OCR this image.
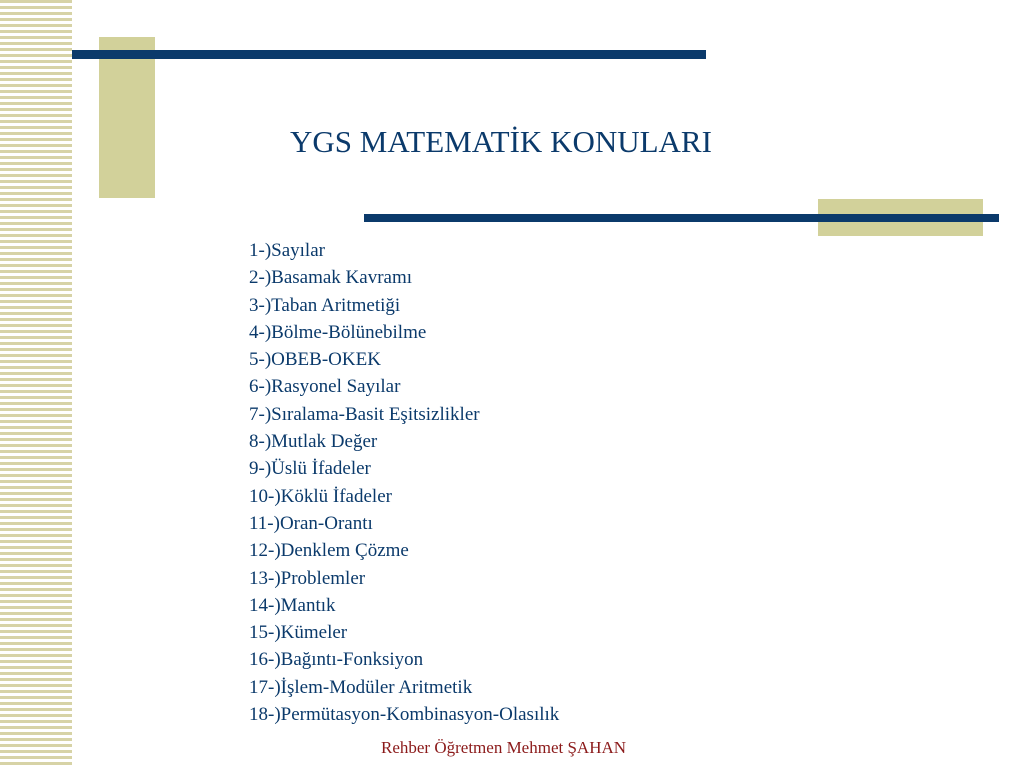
YGS MATEMATİK KONULARI
1-)Sayılar
2-)Basamak Kavramı
3-)Taban Aritmetiği
4-)Bölme-Bölünebilme
5-)OBEB-OKEK
6-)Rasyonel Sayılar
7-)Sıralama-Basit Eşitsizlikler
8-)Mutlak Değer
9-)Üslü İfadeler
10-)Köklü İfadeler
11-)Oran-Orantı
12-)Denklem Çözme
13-)Problemler
14-)Mantık
15-)Kümeler
16-)Bağıntı-Fonksiyon
17-)İşlem-Modüler Aritmetik
18-)Permütasyon-Kombinasyon-Olasılık
Rehber Öğretmen Mehmet ŞAHAN
